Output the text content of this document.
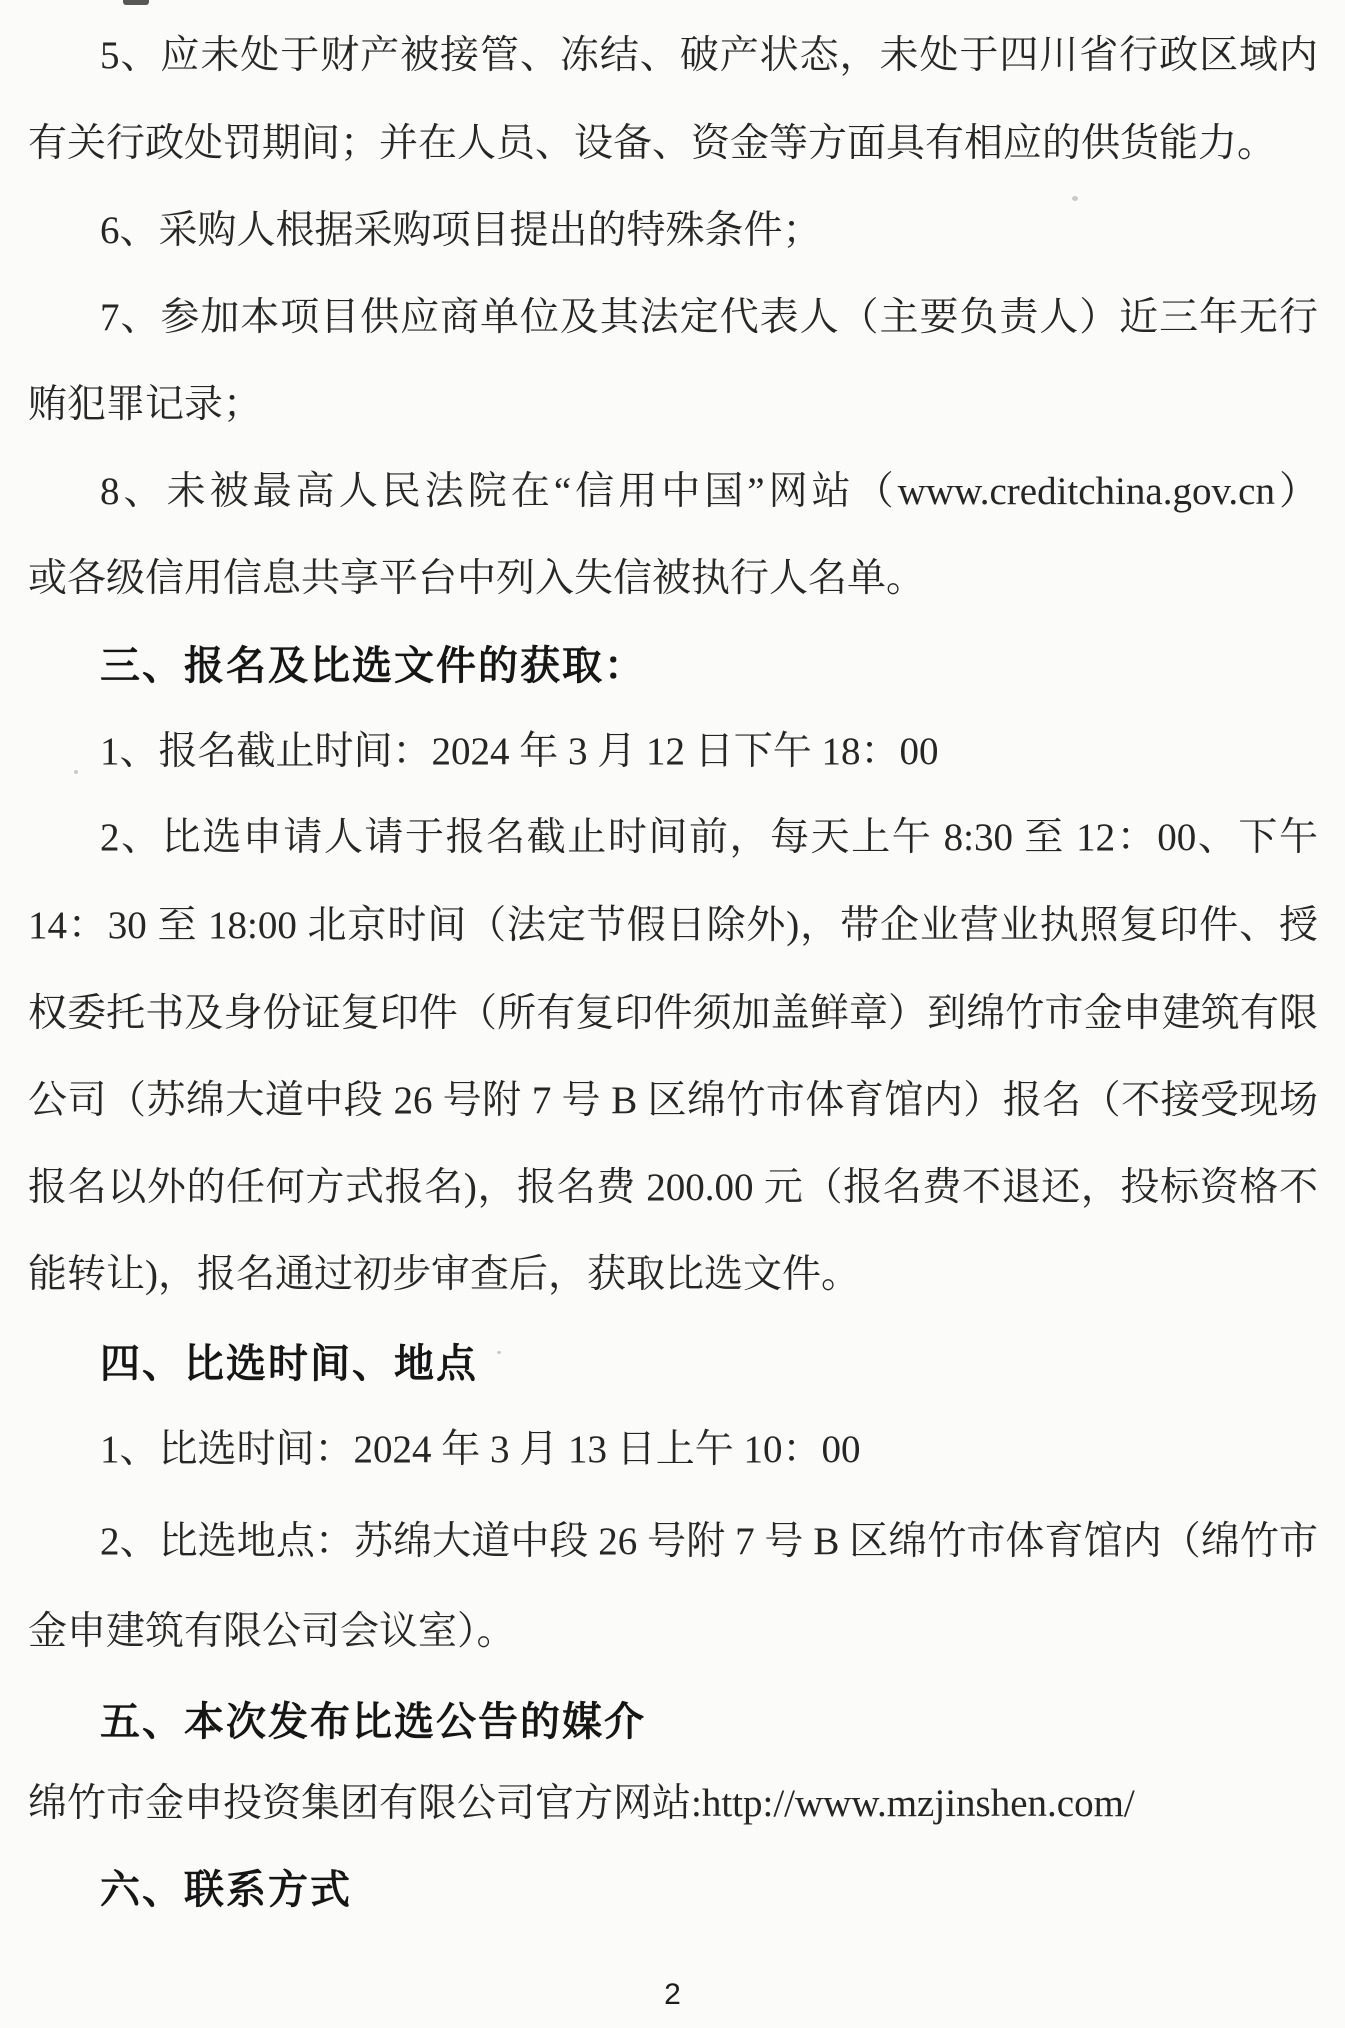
5、应未处于财产被接管、冻结、破产状态，未处于四川省行政区域内
有关行政处罚期间；并在人员、设备、资金等方面具有相应的供货能力。
6、采购人根据采购项目提出的特殊条件；
7、参加本项目供应商单位及其法定代表人（主要负责人）近三年无行
贿犯罪记录；
8、未被最高人民法院在“信用中国”网站（www.creditchina.gov.cn）
或各级信用信息共享平台中列入失信被执行人名单。
三、报名及比选文件的获取：
1、报名截止时间：2024 年 3 月 12 日下午 18：00
2、比选申请人请于报名截止时间前，每天上午 8:30 至 12：00、下午
14：30 至 18:00 北京时间（法定节假日除外)，带企业营业执照复印件、授
权委托书及身份证复印件（所有复印件须加盖鲜章）到绵竹市金申建筑有限
公司（苏绵大道中段 26 号附 7 号 B 区绵竹市体育馆内）报名（不接受现场
报名以外的任何方式报名)，报名费 200.00 元（报名费不退还，投标资格不
能转让)，报名通过初步审查后，获取比选文件。
四、比选时间、地点
1、比选时间：2024 年 3 月 13 日上午 10：00
2、比选地点：苏绵大道中段 26 号附 7 号 B 区绵竹市体育馆内（绵竹市
金申建筑有限公司会议室）。
五、本次发布比选公告的媒介
绵竹市金申投资集团有限公司官方网站:http://www.mzjinshen.com/
六、联系方式
2
